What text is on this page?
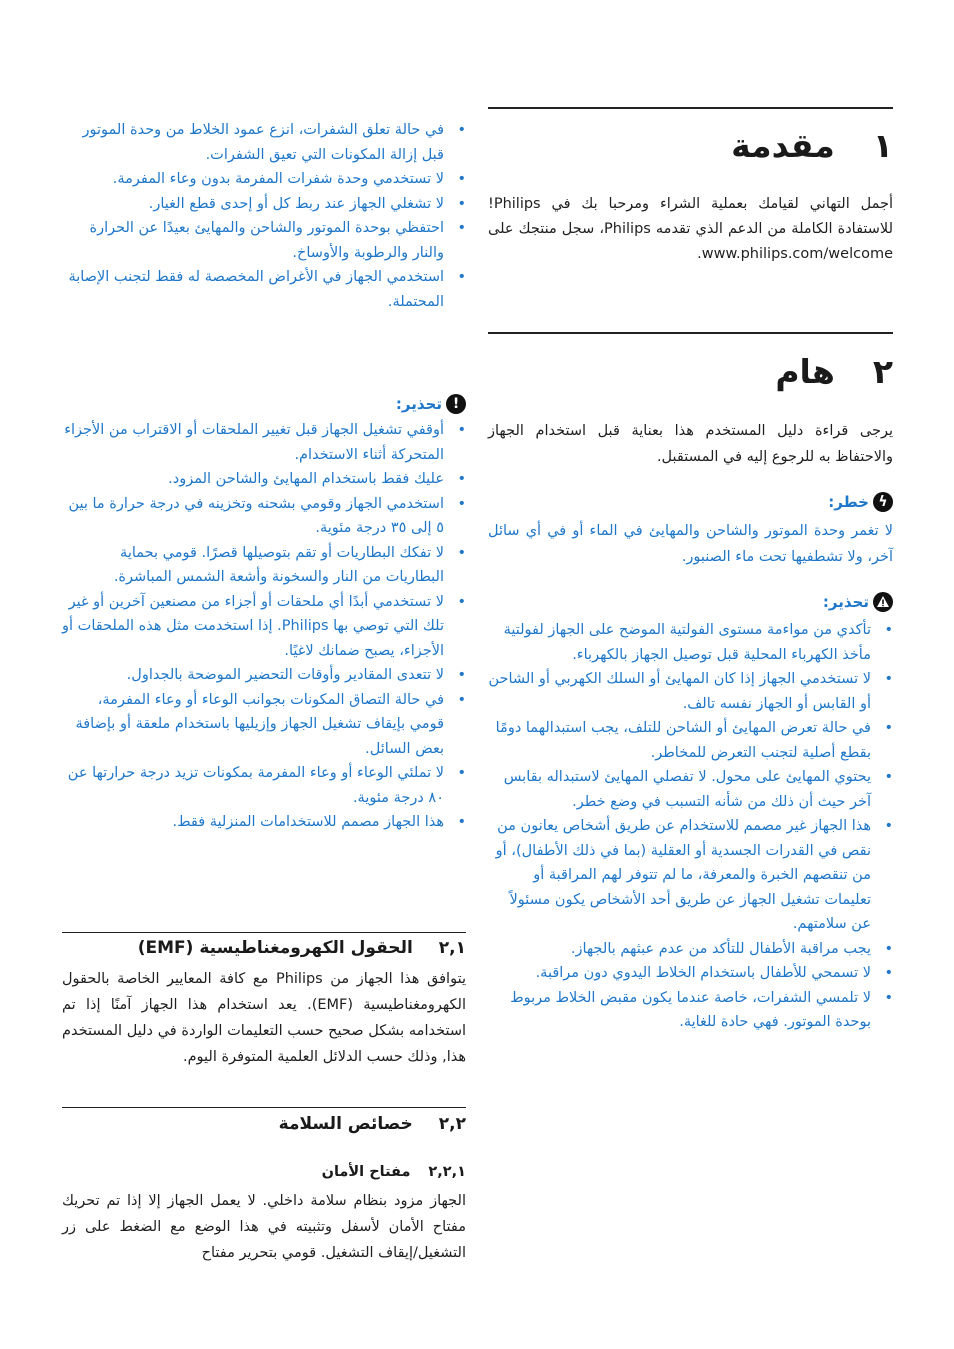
١مقدمة
أجمل التهاني لقيامك بعملية الشراء ومرحبا بك في Philips! للاستفادة الكاملة من الدعم الذي تقدمه Philips، سجل منتجك على www.philips.com/welcome.
٢هام
يرجى قراءة دليل المستخدم هذا بعناية قبل استخدام الجهاز والاحتفاظ به للرجوع إليه في المستقبل.
ϟ
خطر:
لا تغمر وحدة الموتور والشاحن والمهايئ في الماء أو في أي سائل آخر، ولا تشطفيها تحت ماء الصنبور.
تحذير:
• تأكدي من مواءمة مستوى الفولتية الموضح على الجهاز لفولتية مأخذ الكهرباء المحلية قبل توصيل الجهاز بالكهرباء.
• لا تستخدمي الجهاز إذا كان المهايئ أو السلك الكهربي أو الشاحن أو القابس أو الجهاز نفسه تالف.
• في حالة تعرض المهايئ أو الشاحن للتلف، يجب استبدالهما دومًا بقطع أصلية لتجنب التعرض للمخاطر.
• يحتوي المهايئ على محول. لا تفصلي المهايئ لاستبداله بقابس آخر حيث أن ذلك من شأنه التسبب في وضع خطر.
• هذا الجهاز غير مصمم للاستخدام عن طريق أشخاص يعانون من نقص في القدرات الجسدية أو العقلية (بما في ذلك الأطفال)، أو من تنقصهم الخبرة والمعرفة، ما لم تتوفر لهم المراقبة أو تعليمات تشغيل الجهاز عن طريق أحد الأشخاص يكون مسئولاً عن سلامتهم.
• يجب مراقبة الأطفال للتأكد من عدم عبثهم بالجهاز.
• لا تسمحي للأطفال باستخدام الخلاط اليدوي دون مراقبة.
• لا تلمسي الشفرات، خاصة عندما يكون مقبض الخلاط مربوط بوحدة الموتور. فهي حادة للغاية.
• في حالة تعلق الشفرات، انزع عمود الخلاط من وحدة الموتور قبل إزالة المكونات التي تعيق الشفرات.
• لا تستخدمي وحدة شفرات المفرمة بدون وعاء المفرمة.
• لا تشغلي الجهاز عند ربط كل أو إحدى قطع الغيار.
• احتفظي بوحدة الموتور والشاحن والمهايئ بعيدًا عن الحرارة والنار والرطوبة والأوساخ.
• استخدمي الجهاز في الأغراض المخصصة له فقط لتجنب الإصابة المحتملة.
!
تحذير:
• أوقفي تشغيل الجهاز قبل تغيير الملحقات أو الاقتراب من الأجزاء المتحركة أثناء الاستخدام.
• عليك فقط باستخدام المهايئ والشاحن المزود.
• استخدمي الجهاز وقومي بشحنه وتخزينه في درجة حرارة ما بين ٥ إلى ٣٥ درجة مئوية.
• لا تفكك البطاريات أو تقم بتوصيلها قصرًا. قومي بحماية البطاريات من النار والسخونة وأشعة الشمس المباشرة.
• لا تستخدمي أبدًا أي ملحقات أو أجزاء من مصنعين آخرين أو غير تلك التي توصي بها Philips. إذا استخدمت مثل هذه الملحقات أو الأجزاء، يصبح ضمانك لاغيًا.
• لا تتعدى المقادير وأوقات التحضير الموضحة بالجداول.
• في حالة التصاق المكونات بجوانب الوعاء أو وعاء المفرمة، قومي بإيقاف تشغيل الجهاز وإزيليها باستخدام ملعقة أو بإضافة بعض السائل.
• لا تملئي الوعاء أو وعاء المفرمة بمكونات تزيد درجة حرارتها عن ٨٠ درجة مئوية.
• هذا الجهاز مصمم للاستخدامات المنزلية فقط.
٢,١الحقول الكهرومغناطيسية (EMF)
يتوافق هذا الجهاز من Philips مع كافة المعايير الخاصة بالحقول الكهرومغناطيسية (EMF). يعد استخدام هذا الجهاز آمنًا إذا تم استخدامه بشكل صحيح حسب التعليمات الواردة في دليل المستخدم هذا, وذلك حسب الدلائل العلمية المتوفرة اليوم.
٢,٢خصائص السلامة
٢,٢,١مفتاح الأمان
الجهاز مزود بنظام سلامة داخلي. لا يعمل الجهاز إلا إذا تم تحريك مفتاح الأمان لأسفل وتثبيته في هذا الوضع مع الضغط على زر التشغيل/إيقاف التشغيل. قومي بتحرير مفتاح
